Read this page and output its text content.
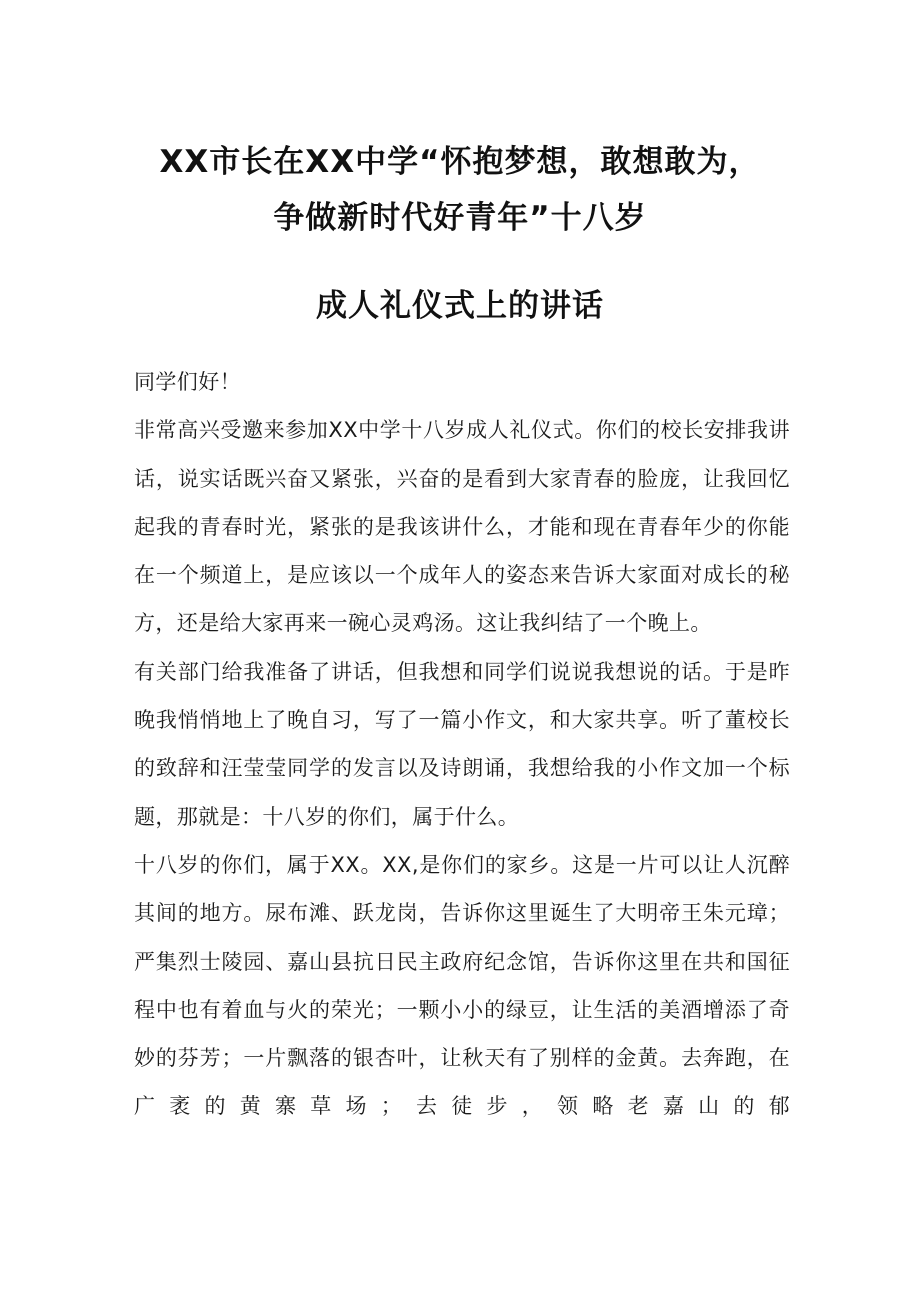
XX市长在XX中学“怀抱梦想，敢想敢为，
争做新时代好青年”十八岁
成人礼仪式上的讲话

同学们好！

非常高兴受邀来参加XX中学十八岁成人礼仪式。你们的校长安排我讲话，说实话既兴奋又紧张，兴奋的是看到大家青春的脸庞，让我回忆起我的青春时光，紧张的是我该讲什么，才能和现在青春年少的你能在一个频道上，是应该以一个成年人的姿态来告诉大家面对成长的秘方，还是给大家再来一碗心灵鸡汤。这让我纠结了一个晚上。

有关部门给我准备了讲话，但我想和同学们说说我想说的话。于是昨晚我悄悄地上了晚自习，写了一篇小作文，和大家共享。听了董校长的致辞和汪莹莹同学的发言以及诗朗诵，我想给我的小作文加一个标题，那就是：十八岁的你们，属于什么。

十八岁的你们，属于XX。XX,是你们的家乡。这是一片可以让人沉醉其间的地方。尿布滩、跃龙岗，告诉你这里诞生了大明帝王朱元璋；严集烈士陵园、嘉山县抗日民主政府纪念馆，告诉你这里在共和国征程中也有着血与火的荣光；一颗小小的绿豆，让生活的美酒增添了奇妙的芬芳；一片飘落的银杏叶，让秋天有了别样的金黄。去奔跑，在广袤的黄寨草场；去徒步，领略老嘉山的郁
